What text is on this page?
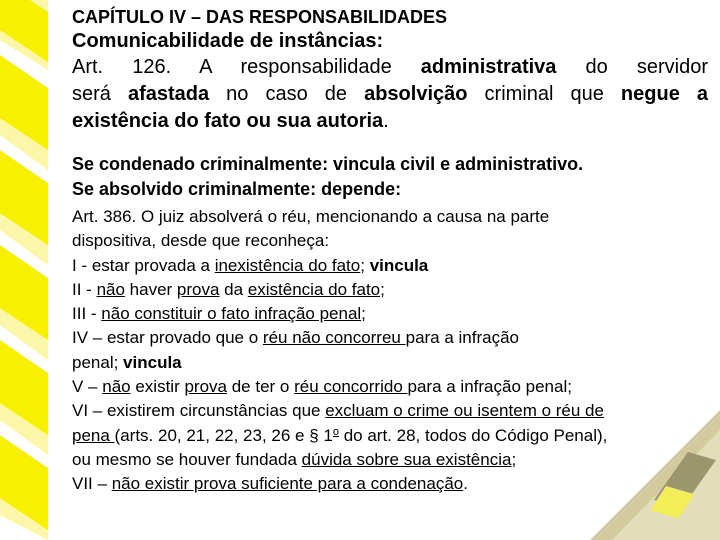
CAPÍTULO IV – DAS RESPONSABILIDADES

Comunicabilidade de instâncias:

Art. 126. A responsabilidade administrativa do servidor

será afastada no caso de absolvição criminal que negue a

existência do fato ou sua autoria.

Se condenado criminalmente: vincula civil e administrativo.

Se absolvido criminalmente: depende:

Art. 386. O juiz absolverá o réu, mencionando a causa na parte

dispositiva, desde que reconheça:

I - estar provada a inexistência do fato; vincula

II - não haver prova da existência do fato;

III - não constituir o fato infração penal;

IV – estar provado que o réu não concorreu para a infração

penal; vincula

V – não existir prova de ter o réu concorrido para a infração penal;

VI – existirem circunstâncias que excluam o crime ou isentem o réu de

pena (arts. 20, 21, 22, 23, 26 e § 1$^o$ do art. 28, todos do Código Penal),

ou mesmo se houver fundada dúvida sobre sua existência;

VII – não existir prova suficiente para a condenação.
